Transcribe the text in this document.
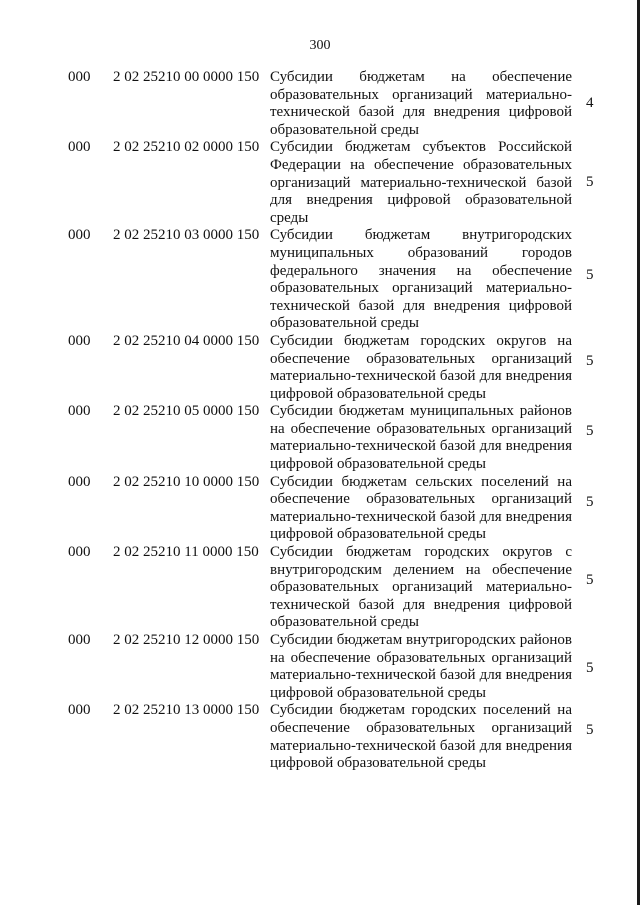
300
000 2 02 25210 00 0000 150 Субсидии бюджетам на обеспечение образовательных организаций материально-технической базой для внедрения цифровой образовательной среды
4
000 2 02 25210 02 0000 150 Субсидии бюджетам субъектов Российской Федерации на обеспечение образовательных организаций материально-технической базой для внедрения цифровой образовательной среды
5
000 2 02 25210 03 0000 150 Субсидии бюджетам внутригородских муниципальных образований городов федерального значения на обеспечение образовательных организаций материально-технической базой для внедрения цифровой образовательной среды
5
000 2 02 25210 04 0000 150 Субсидии бюджетам городских округов на обеспечение образовательных организаций материально-технической базой для внедрения цифровой образовательной среды
5
000 2 02 25210 05 0000 150 Субсидии бюджетам муниципальных районов на обеспечение образовательных организаций материально-технической базой для внедрения цифровой образовательной среды
5
000 2 02 25210 10 0000 150 Субсидии бюджетам сельских поселений на обеспечение образовательных организаций материально-технической базой для внедрения цифровой образовательной среды
5
000 2 02 25210 11 0000 150 Субсидии бюджетам городских округов с внутригородским делением на обеспечение образовательных организаций материально-технической базой для внедрения цифровой образовательной среды
5
000 2 02 25210 12 0000 150 Субсидии бюджетам внутригородских районов на обеспечение образовательных организаций материально-технической базой для внедрения цифровой образовательной среды
5
000 2 02 25210 13 0000 150 Субсидии бюджетам городских поселений на обеспечение образовательных организаций материально-технической базой для внедрения цифровой образовательной среды
5
